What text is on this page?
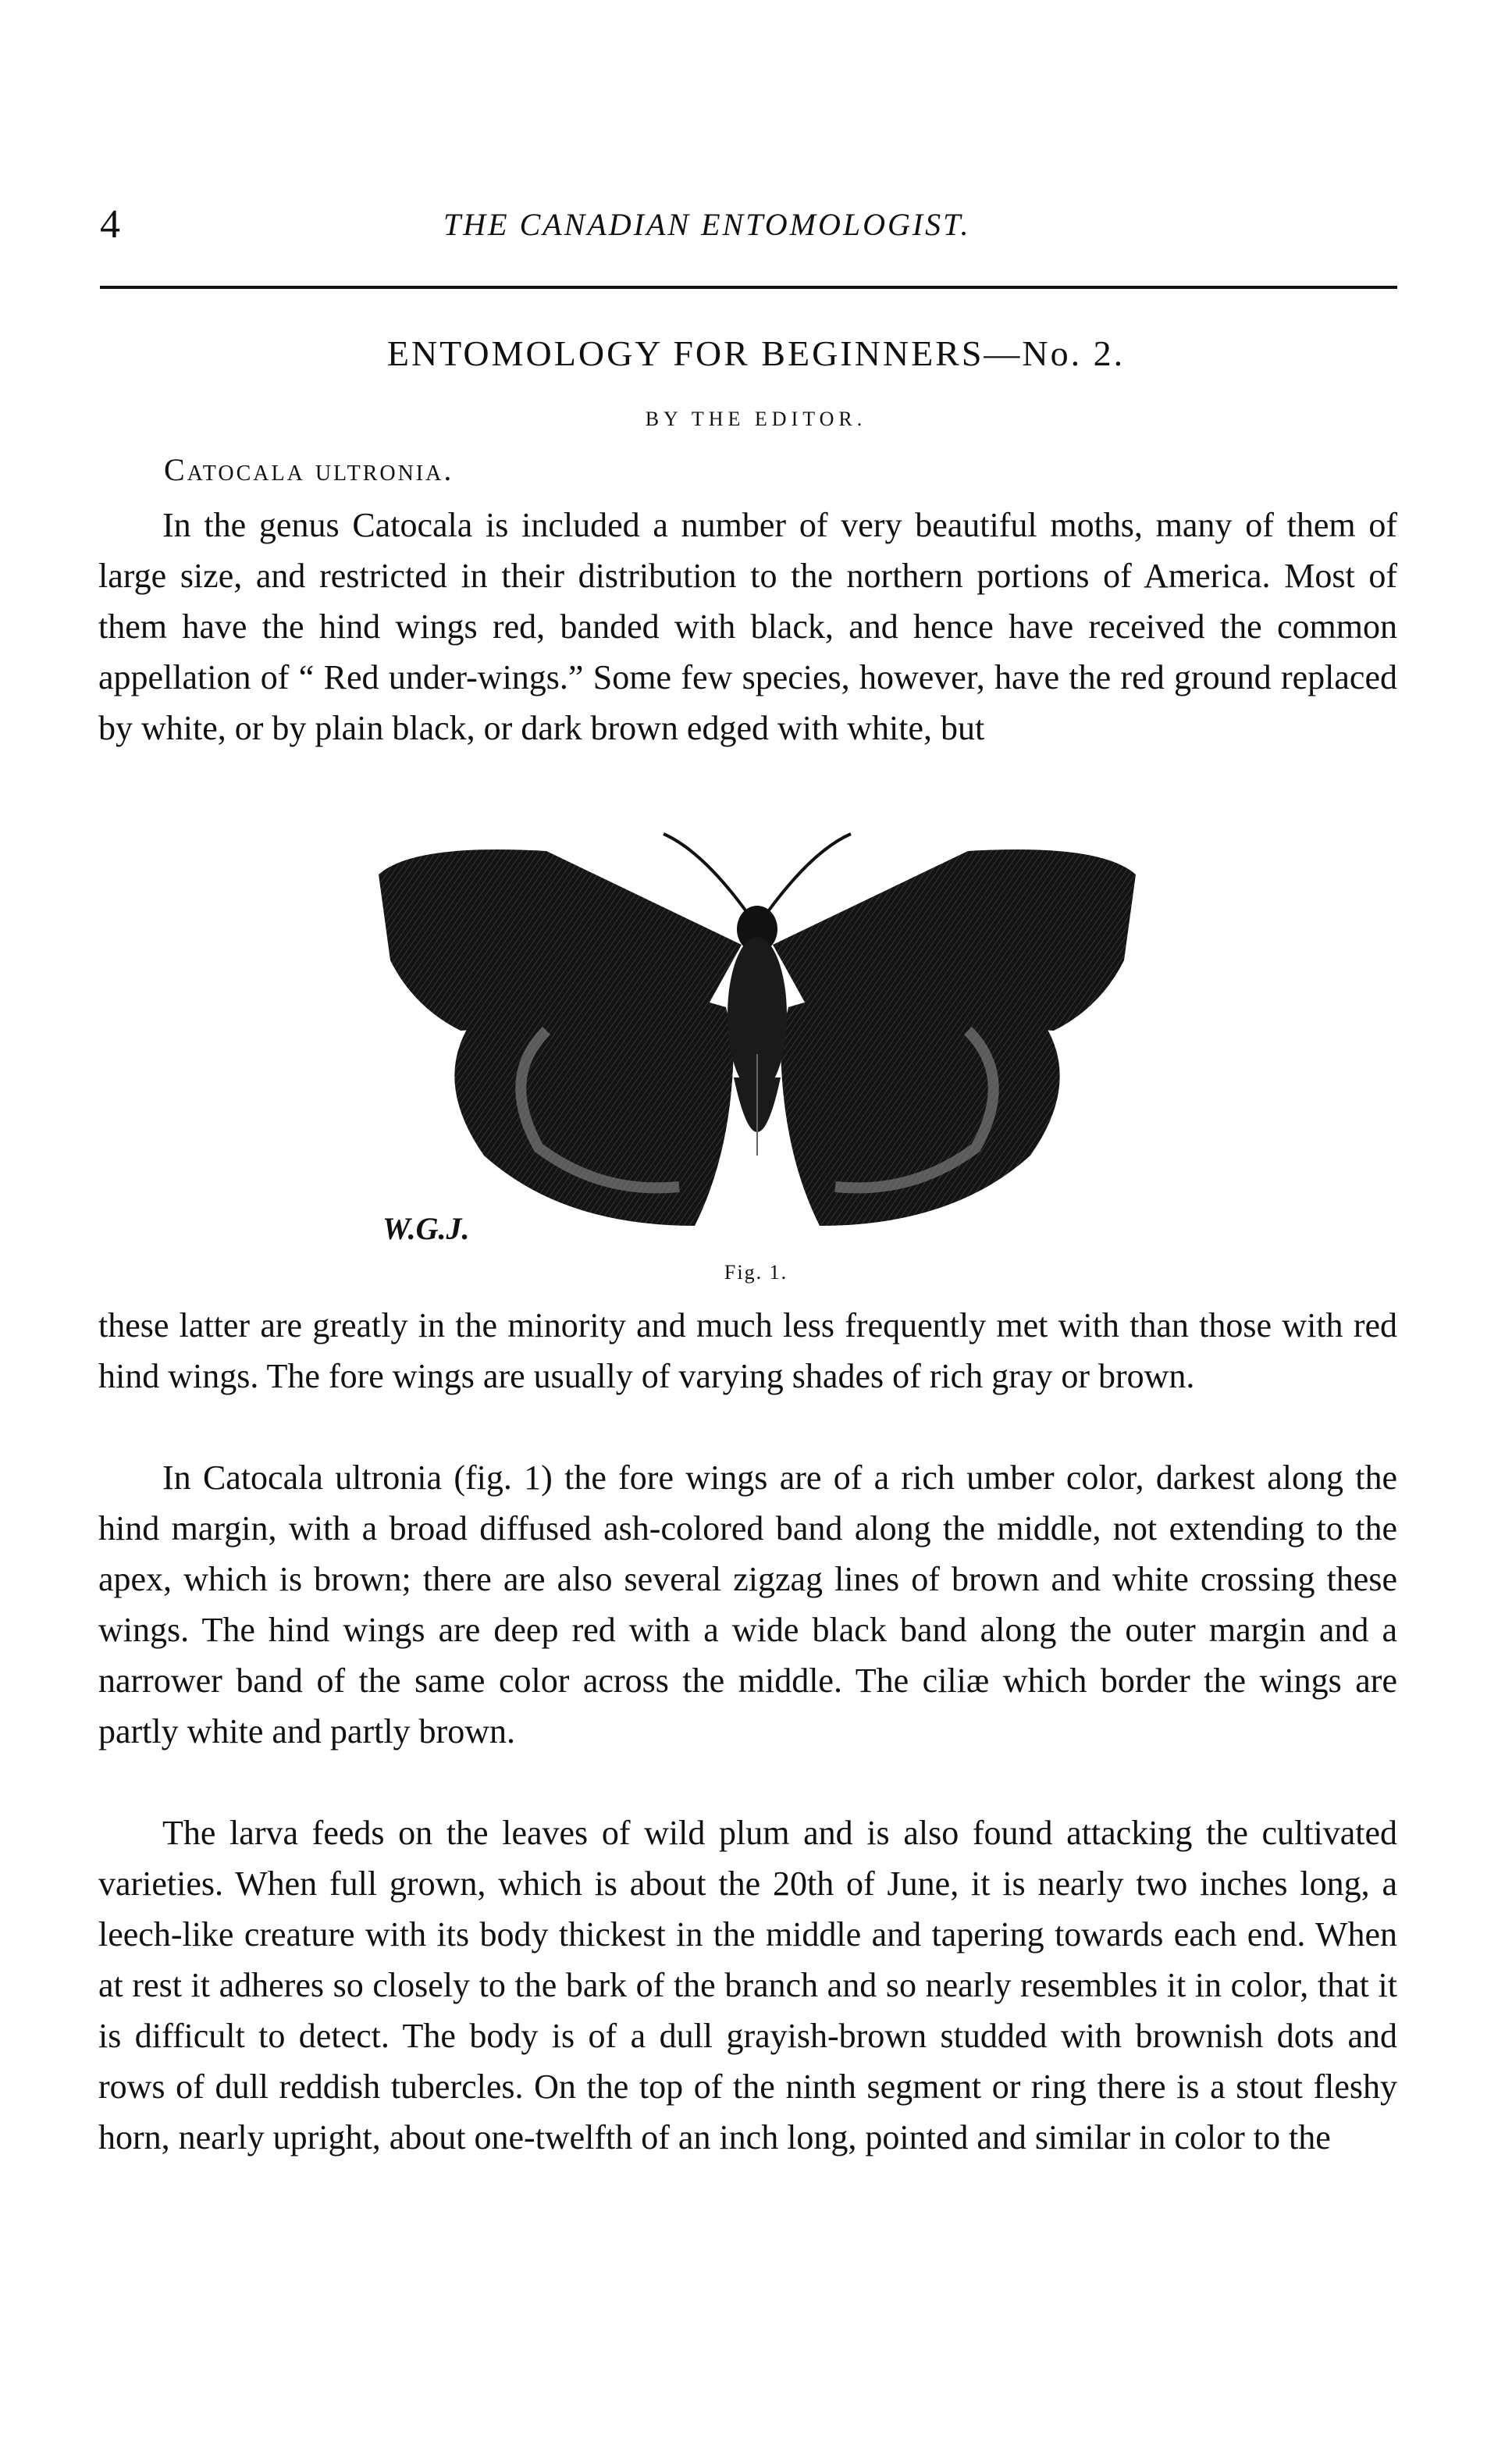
4	THE CANADIAN ENTOMOLOGIST.
ENTOMOLOGY FOR BEGINNERS—No. 2.
BY THE EDITOR.
Catocala ultronia.

In the genus Catocala is included a number of very beautiful moths, many of them of large size, and restricted in their distribution to the northern portions of America. Most of them have the hind wings red, banded with black, and hence have received the common appellation of “ Red under-wings.” Some few species, however, have the red ground replaced by white, or by plain black, or dark brown edged with white, but

W.G.J.
Fig. 1.

these latter are greatly in the minority and much less frequently met with than those with red hind wings. The fore wings are usually of varying shades of rich gray or brown.

In Catocala ultronia (fig. 1) the fore wings are of a rich umber color, darkest along the hind margin, with a broad diffused ash-colored band along the middle, not extending to the apex, which is brown; there are also several zigzag lines of brown and white crossing these wings. The hind wings are deep red with a wide black band along the outer margin and a narrower band of the same color across the middle. The ciliæ which border the wings are partly white and partly brown.

The larva feeds on the leaves of wild plum and is also found attacking the cultivated varieties. When full grown, which is about the 20th of June, it is nearly two inches long, a leech-like creature with its body thickest in the middle and tapering towards each end. When at rest it adheres so closely to the bark of the branch and so nearly resembles it in color, that it is difficult to detect. The body is of a dull grayish-brown studded with brownish dots and rows of dull reddish tubercles. On the top of the ninth segment or ring there is a stout fleshy horn, nearly upright, about one-twelfth of an inch long, pointed and similar in color to the
